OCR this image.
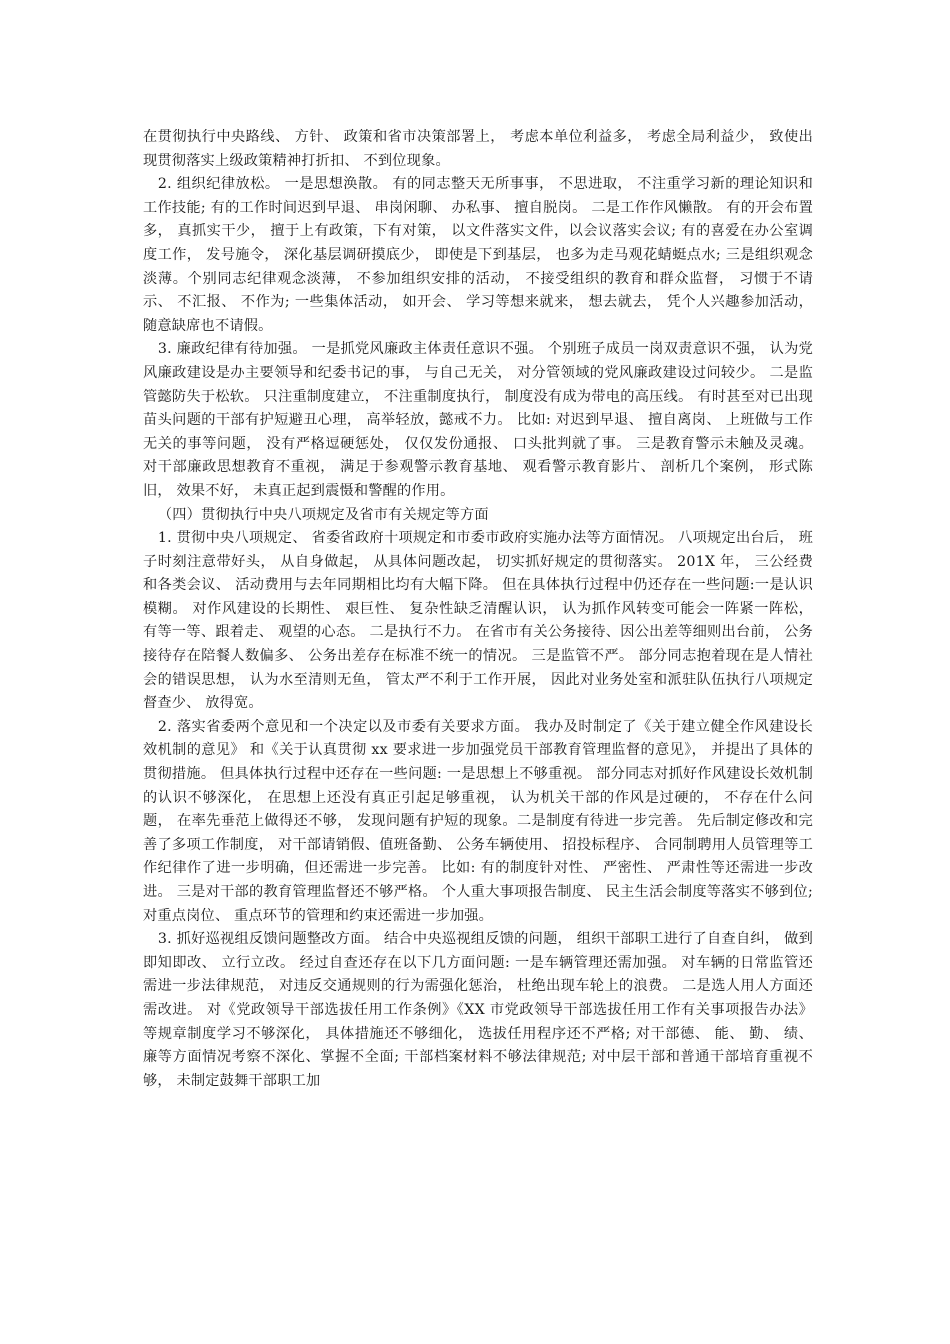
在贯彻执行中央路线、 方针、 政策和省市决策部署上， 考虑本单位利益多， 考虑全局利益少， 致使出现贯彻落实上级政策精神打折扣、 不到位现象。

2. 组织纪律放松。 一是思想涣散。 有的同志整天无所事事， 不思进取， 不注重学习新的理论知识和工作技能; 有的工作时间迟到早退、 串岗闲聊、 办私事、 擅自脱岗。 二是工作作风懒散。 有的开会布置多， 真抓实干少， 擅于上有政策，下有对策， 以文件落实文件，以会议落实会议; 有的喜爱在办公室调度工作， 发号施令， 深化基层调研摸底少， 即使是下到基层， 也多为走马观花蜻蜓点水; 三是组织观念淡薄。个别同志纪律观念淡薄， 不参加组织安排的活动， 不接受组织的教育和群众监督， 习惯于不请示、 不汇报、 不作为; 一些集体活动， 如开会、 学习等想来就来， 想去就去， 凭个人兴趣参加活动， 随意缺席也不请假。

3. 廉政纪律有待加强。 一是抓党风廉政主体责任意识不强。 个别班子成员一岗双责意识不强， 认为党风廉政建设是办主要领导和纪委书记的事， 与自己无关， 对分管领域的党风廉政建设过问较少。 二是监管懿防失于松软。 只注重制度建立， 不注重制度执行， 制度没有成为带电的高压线。 有时甚至对已出现苗头问题的干部有护短避丑心理， 高举轻放，懿戒不力。 比如: 对迟到早退、 擅自离岗、 上班做与工作无关的事等问题， 没有严格逗硬惩处， 仅仅发份通报、 口头批判就了事。 三是教育警示未触及灵魂。 对干部廉政思想教育不重视， 满足于参观警示教育基地、 观看警示教育影片、 剖析几个案例， 形式陈旧， 效果不好， 未真正起到震慑和警醒的作用。

（四）贯彻执行中央八项规定及省市有关规定等方面

1. 贯彻中央八项规定、 省委省政府十项规定和市委市政府实施办法等方面情况。 八项规定出台后， 班子时刻注意带好头， 从自身做起， 从具体问题改起， 切实抓好规定的贯彻落实。 201X 年， 三公经费和各类会议、 活动费用与去年同期相比均有大幅下降。 但在具体执行过程中仍还存在一些问题:一是认识模糊。 对作风建设的长期性、 艰巨性、 复杂性缺乏清醒认识， 认为抓作风转变可能会一阵紧一阵松， 有等一等、跟着走、 观望的心态。 二是执行不力。 在省市有关公务接待、因公出差等细则出台前， 公务接待存在陪餐人数偏多、 公务出差存在标准不统一的情况。 三是监管不严。 部分同志抱着现在是人情社会的错误思想， 认为水至清则无鱼， 管太严不利于工作开展， 因此对业务处室和派驻队伍执行八项规定督查少、 放得宽。

2. 落实省委两个意见和一个决定以及市委有关要求方面。 我办及时制定了《关于建立健全作风建设长效机制的意见》 和《关于认真贯彻 xx 要求进一步加强党员干部教育管理监督的意见》， 并提出了具体的贯彻措施。 但具体执行过程中还存在一些问题: 一是思想上不够重视。 部分同志对抓好作风建设长效机制的认识不够深化， 在思想上还没有真正引起足够重视， 认为机关干部的作风是过硬的， 不存在什么问题， 在率先垂范上做得还不够， 发现问题有护短的现象。二是制度有待进一步完善。 先后制定修改和完善了多项工作制度， 对干部请销假、值班备勤、 公务车辆使用、 招投标程序、 合同制聘用人员管理等工作纪律作了进一步明确，但还需进一步完善。 比如: 有的制度针对性、 严密性、 严肃性等还需进一步改进。 三是对干部的教育管理监督还不够严格。 个人重大事项报告制度、 民主生活会制度等落实不够到位;对重点岗位、 重点环节的管理和约束还需进一步加强。

3. 抓好巡视组反馈问题整改方面。 结合中央巡视组反馈的问题， 组织干部职工进行了自查自纠， 做到即知即改、 立行立改。 经过自查还存在以下几方面问题: 一是车辆管理还需加强。 对车辆的日常监管还需进一步法律规范， 对违反交通规则的行为需强化惩治， 杜绝出现车轮上的浪费。 二是选人用人方面还需改进。 对《党政领导干部选拔任用工作条例》《XX 市党政领导干部选拔任用工作有关事项报告办法》 等规章制度学习不够深化， 具体措施还不够细化， 选拔任用程序还不严格; 对干部德、 能、 勤、 绩、 廉等方面情况考察不深化、掌握不全面; 干部档案材料不够法律规范; 对中层干部和普通干部培育重视不够， 未制定鼓舞干部职工加
